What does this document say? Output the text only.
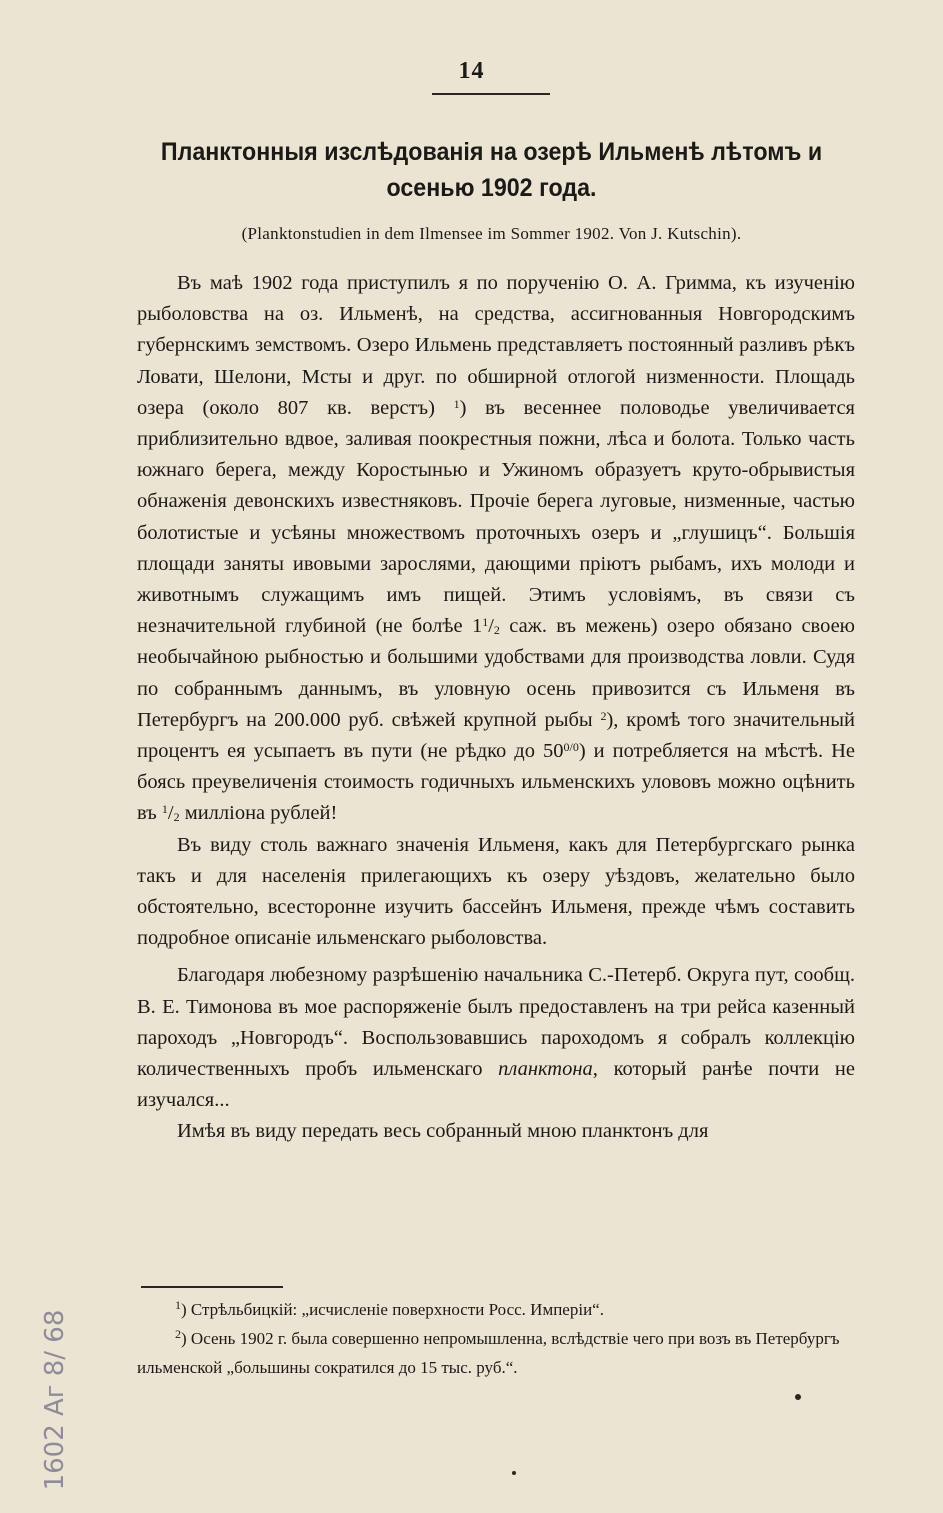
14
Планктонныя изслѣдованія на озерѣ Ильменѣ лѣтомъ и осенью 1902 года.
(Planktonstudien in dem Ilmensee im Sommer 1902. Von J. Kutschin).

Въ маѣ 1902 года приступилъ я по порученію О. А. Гримма, къ изученію рыболовства на оз. Ильменѣ, на средства, ассигнованныя Новгородскимъ губернскимъ земствомъ. Озеро Ильмень представляетъ постоянный разливъ рѣкъ Ловати, Шелони, Мсты и друг. по обширной отлогой низменности. Площадь озера (около 807 кв. верстъ) $^1$) въ весеннее половодье увеличивается приблизительно вдвое, заливая поокрестныя пожни, лѣса и болота. Только часть южнаго берега, между Коростынью и Ужиномъ образуетъ круто-обрывистыя обнаженія девонскихъ известняковъ. Прочіе берега луговые, низменные, частью болотистые и усѣяны множествомъ проточныхъ озеръ и „глушицъ“. Большія площади заняты ивовыми зарослями, дающими пріютъ рыбамъ, ихъ молоди и животнымъ служащимъ имъ пищей. Этимъ условіямъ, въ связи съ незначительной глубиной (не болѣе $1^1/_2$ саж. въ межень) озеро обязано своею необычайною рыбностью и большими удобствами для производства ловли. Судя по собраннымъ даннымъ, въ уловную осень привозится съ Ильменя въ Петербургъ на 200.000 руб. свѣжей крупной рыбы $^2$), кромѣ того значительный процентъ ея усыпаетъ въ пути (не рѣдко до $50^{0/0}$) и потребляется на мѣстѣ. Не боясь преувеличенія стоимость годичныхъ ильменскихъ улововъ можно оцѣнить въ $^1/_2$ милліона рублей!

Въ виду столь важнаго значенія Ильменя, какъ для Петербургскаго рынка такъ и для населенія прилегающихъ къ озеру уѣздовъ, желательно было обстоятельно, всесторонне изучить бассейнъ Ильменя, прежде чѣмъ составить подробное описаніе ильменскаго рыболовства.

Благодаря любезному разрѣшенію начальника С.-Петерб. Округа пут, сообщ. В. Е. Тимонова въ мое распоряженіе былъ предоставленъ на три рейса казенный пароходъ „Новгородъ“. Воспользовавшись пароходомъ я собралъ коллекцію количественныхъ пробъ ильменскаго планктона, который ранѣе почти не изучался...

Имѣя въ виду передать весь собранный мною планктонъ для

$^1$) Стрѣльбицкій: „исчисленіе поверхности Росс. Имперіи“.

$^2$) Осень 1902 г. была совершенно непромышленна, вслѣдствіе чего при возъ въ Петербургъ ильменской „большины сократился до 15 тыс. руб.“.

1602 Аг 8/ 68
